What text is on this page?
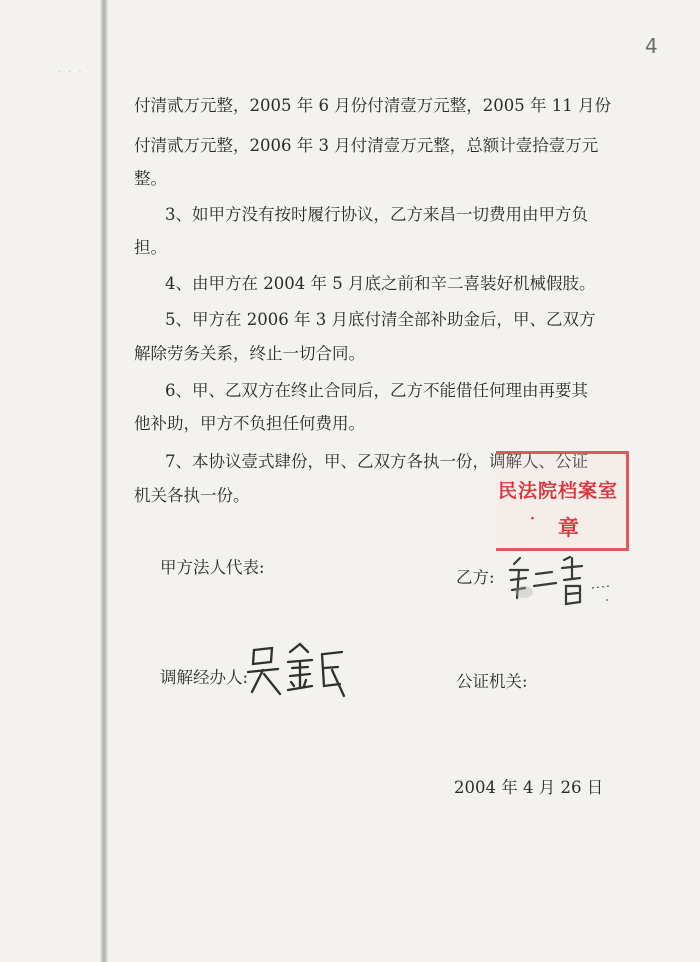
· · ·
4
付清贰万元整，2005 年 6 月份付清壹万元整，2005 年 11 月份
付清贰万元整，2006 年 3 月付清壹万元整，总额计壹拾壹万元
整。
3、如甲方没有按时履行协议，乙方来昌一切费用由甲方负
担。
4、由甲方在 2004 年 5 月底之前和辛二喜装好机械假肢。
5、甲方在 2006 年 3 月底付清全部补助金后，甲、乙双方
解除劳务关系，终止一切合同。
6、甲、乙双方在终止合同后，乙方不能借任何理由再要其
他补助，甲方不负担任何费用。
7、本协议壹式肆份，甲、乙双方各执一份，调解人、公证
机关各执一份。	民法院档案室
· 章
甲方法人代表:
乙方:
调解经办人:	公证机关:
2004 年 4 月 26 日
